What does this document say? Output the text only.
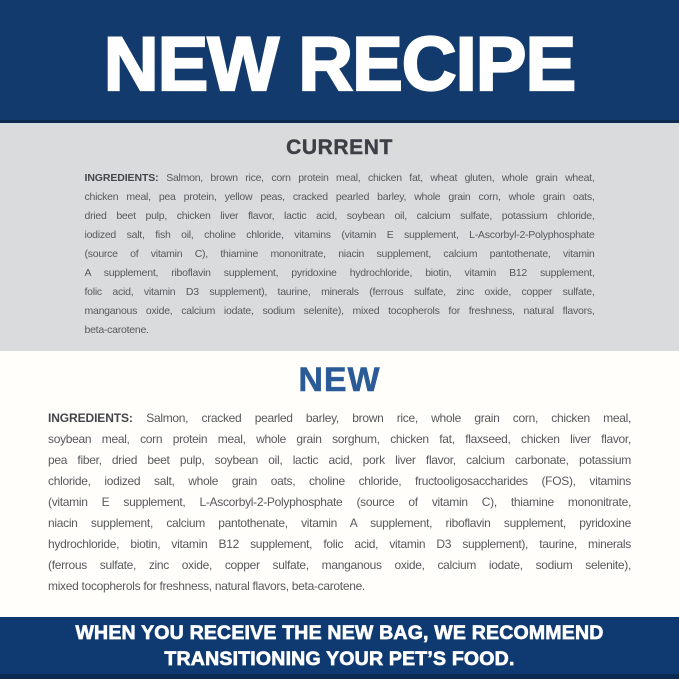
NEW RECIPE
CURRENT
INGREDIENTS: Salmon, brown rice, corn protein meal, chicken fat, wheat gluten, whole grain wheat,
chicken meal, pea protein, yellow peas, cracked pearled barley, whole grain corn, whole grain oats,
dried beet pulp, chicken liver flavor, lactic acid, soybean oil, calcium sulfate, potassium chloride,
iodized salt, fish oil, choline chloride, vitamins (vitamin E supplement, L-Ascorbyl-2-Polyphosphate
(source of vitamin C), thiamine mononitrate, niacin supplement, calcium pantothenate, vitamin
A supplement, riboflavin supplement, pyridoxine hydrochloride, biotin, vitamin B12 supplement,
folic acid, vitamin D3 supplement), taurine, minerals (ferrous sulfate, zinc oxide, copper sulfate,
manganous oxide, calcium iodate, sodium selenite), mixed tocopherols for freshness, natural flavors,
beta-carotene.
NEW
INGREDIENTS: Salmon, cracked pearled barley, brown rice, whole grain corn, chicken meal,
soybean meal, corn protein meal, whole grain sorghum, chicken fat, flaxseed, chicken liver flavor,
pea fiber, dried beet pulp, soybean oil, lactic acid, pork liver flavor, calcium carbonate, potassium
chloride, iodized salt, whole grain oats, choline chloride, fructooligosaccharides (FOS), vitamins
(vitamin E supplement, L-Ascorbyl-2-Polyphosphate (source of vitamin C), thiamine mononitrate,
niacin supplement, calcium pantothenate, vitamin A supplement, riboflavin supplement, pyridoxine
hydrochloride, biotin, vitamin B12 supplement, folic acid, vitamin D3 supplement), taurine, minerals
(ferrous sulfate, zinc oxide, copper sulfate, manganous oxide, calcium iodate, sodium selenite),
mixed tocopherols for freshness, natural flavors, beta-carotene.
WHEN YOU RECEIVE THE NEW BAG, WE RECOMMEND
TRANSITIONING YOUR PET’S FOOD.
